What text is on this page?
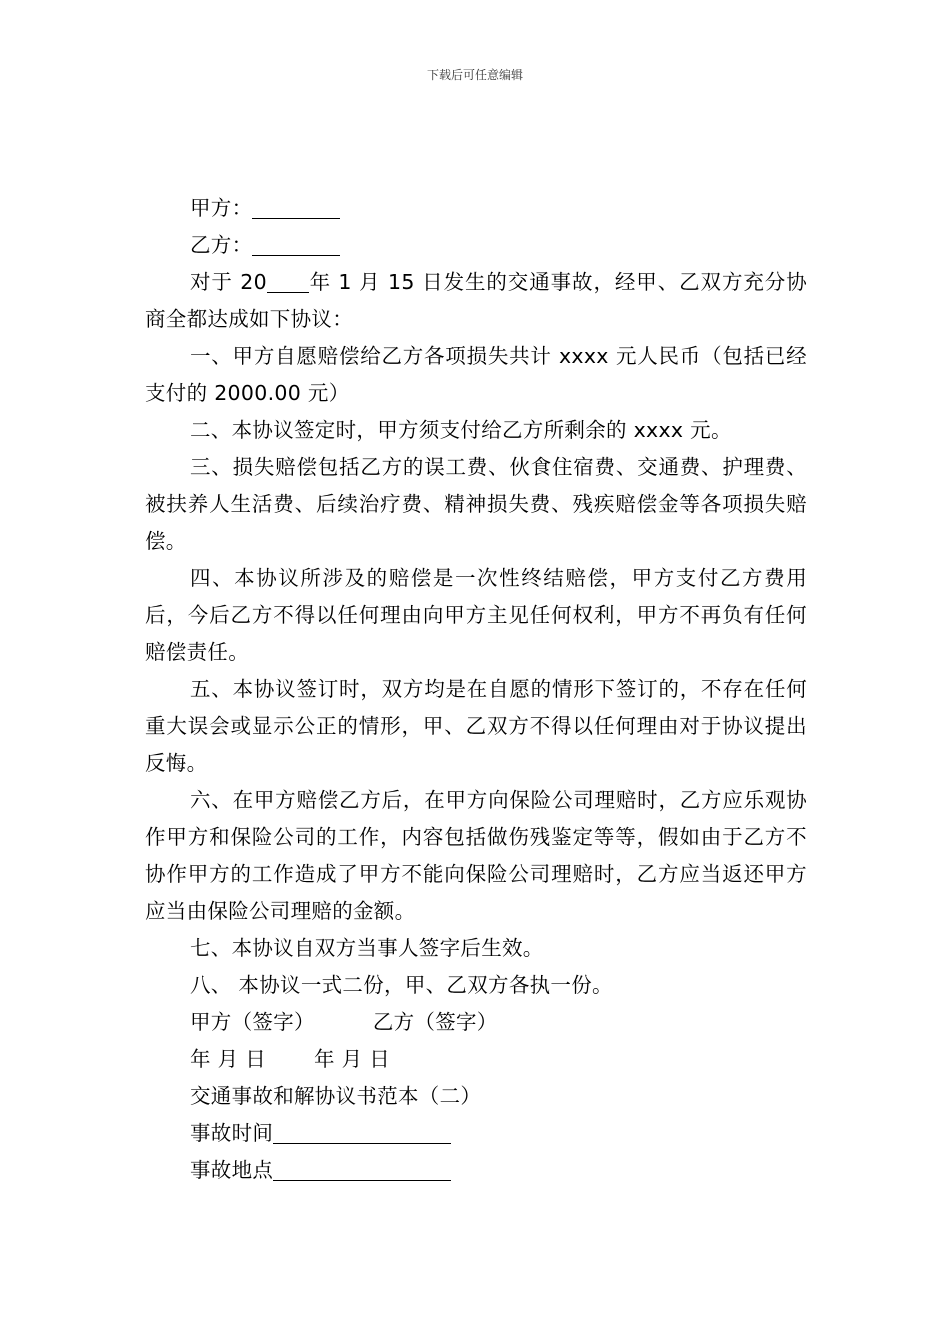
下载后可任意编辑

甲方：

乙方：

对于 20 年 1 月 15 日发生的交通事故，经甲、乙双方充分协商全都达成如下协议：

一、甲方自愿赔偿给乙方各项损失共计 xxxx 元人民币（包括已经支付的 2000.00 元）

二、本协议签定时，甲方须支付给乙方所剩余的 xxxx 元。

三、损失赔偿包括乙方的误工费、伙食住宿费、交通费、护理费、被扶养人生活费、后续治疗费、精神损失费、残疾赔偿金等各项损失赔偿。

四、本协议所涉及的赔偿是一次性终结赔偿，甲方支付乙方费用后，今后乙方不得以任何理由向甲方主见任何权利，甲方不再负有任何赔偿责任。

五、本协议签订时，双方均是在自愿的情形下签订的，不存在任何重大误会或显示公正的情形，甲、乙双方不得以任何理由对于协议提出反悔。

六、在甲方赔偿乙方后，在甲方向保险公司理赔时，乙方应乐观协作甲方和保险公司的工作，内容包括做伤残鉴定等等，假如由于乙方不协作甲方的工作造成了甲方不能向保险公司理赔时，乙方应当返还甲方应当由保险公司理赔的金额。

七、本协议自双方当事人签字后生效。

八、 本协议一式二份，甲、乙双方各执一份。

甲方（签字）	乙方（签字）

年 月 日 年 月 日

交通事故和解协议书范本（二）

事故时间

事故地点
